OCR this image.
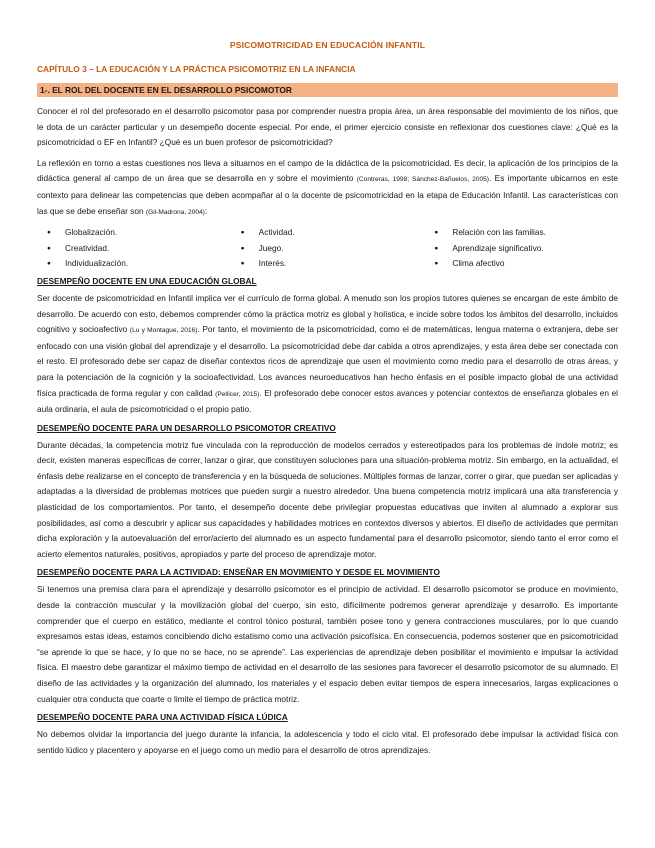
PSICOMOTRICIDAD EN EDUCACIÓN INFANTIL
CAPÍTULO 3 – LA EDUCACIÓN Y LA PRÁCTICA PSICOMOTRIZ EN LA INFANCIA
1-. EL ROL DEL DOCENTE EN EL DESARROLLO PSICOMOTOR

Conocer el rol del profesorado en el desarrollo psicomotor pasa por comprender nuestra propia área, un área responsable del movimiento de los niños, que le dota de un carácter particular y un desempeño docente especial. Por ende, el primer ejercicio consiste en reflexionar dos cuestiones clave: ¿Qué es la psicomotricidad o EF en Infantil? ¿Qué es un buen profesor de psicomotricidad?

La reflexión en torno a estas cuestiones nos lleva a situarnos en el campo de la didáctica de la psicomotricidad. Es decir, la aplicación de los principios de la didáctica general al campo de un área que se desarrolla en y sobre el movimiento (Contreras, 1998; Sánchez-Bañuelos, 2005). Es importante ubicarnos en este contexto para delinear las competencias que deben acompañar al o la docente de psicomotricidad en la etapa de Educación Infantil. Las características con las que se debe enseñar son (Gil-Madrona, 2004):

● Globalización.	● Actividad.	● Relación con las familias.
● Creatividad.	● Juego.	● Aprendizaje significativo.
● Individualización.	● Interés.	● Clima afectivo
DESEMPEÑO DOCENTE EN UNA EDUCACIÓN GLOBAL

Ser docente de psicomotricidad en Infantil implica ver el currículo de forma global. A menudo son los propios tutores quienes se encargan de este ámbito de desarrollo. De acuerdo con esto, debemos comprender cómo la práctica motriz es global y holística, e incide sobre todos los ámbitos del desarrollo, incluidos cognitivo y socioafectivo (Lu y Montague, 2016). Por tanto, el movimiento de la psicomotricidad, como el de matemáticas, lengua materna o extranjera, debe ser enfocado con una visión global del aprendizaje y el desarrollo. La psicomotricidad debe dar cabida a otros aprendizajes, y esta área debe ser conectada con el resto. El profesorado debe ser capaz de diseñar contextos ricos de aprendizaje que usen el movimiento como medio para el desarrollo de otras áreas, y para la potenciación de la cognición y la socioafectividad. Los avances neuroeducativos han hecho énfasis en el posible impacto global de una actividad física practicada de forma regular y con calidad (Pellicer, 2015). El profesorado debe conocer estos avances y potenciar contextos de enseñanza globales en el aula ordinaria, el aula de psicomotricidad o el propio patio.

DESEMPEÑO DOCENTE PARA UN DESARROLLO PSICOMOTOR CREATIVO

Durante décadas, la competencia motriz fue vinculada con la reproducción de modelos cerrados y estereotipados para los problemas de índole motriz; es decir, existen maneras específicas de correr, lanzar o girar, que constituyen soluciones para una situación-problema motriz. Sin embargo, en la actualidad, el énfasis debe realizarse en el concepto de transferencia y en la búsqueda de soluciones. Múltiples formas de lanzar, correr o girar, que puedan ser aplicadas y adaptadas a la diversidad de problemas motrices que pueden surgir a nuestro alrededor. Una buena competencia motriz implicará una alta transferencia y plasticidad de los comportamientos. Por tanto, el desempeño docente debe privilegiar propuestas educativas que inviten al alumnado a explorar sus posibilidades, así como a descubrir y aplicar sus capacidades y habilidades motrices en contextos diversos y abiertos. El diseño de actividades que permitan dicha exploración y la autoevaluación del error/acierto del alumnado es un aspecto fundamental para el desarrollo psicomotor, siendo tanto el error como el acierto elementos naturales, positivos, apropiados y parte del proceso de aprendizaje motor.

DESEMPEÑO DOCENTE PARA LA ACTIVIDAD: ENSEÑAR EN MOVIMIENTO Y DESDE EL MOVIMIENTO

Si tenemos una premisa clara para el aprendizaje y desarrollo psicomotor es el principio de actividad. El desarrollo psicomotor se produce en movimiento, desde la contracción muscular y la movilización global del cuerpo, sin esto, difícilmente podremos generar aprendizaje y desarrollo. Es importante comprender que el cuerpo en estático, mediante el control tónico postural, también posee tono y genera contracciones musculares, por lo que cuando expresamos estas ideas, estamos concibiendo dicho estatismo como una activación psicofísica. En consecuencia, podemos sostener que en psicomotricidad “se aprende lo que se hace, y lo que no se hace, no se aprende”. Las experiencias de aprendizaje deben posibilitar el movimiento e impulsar la actividad física. El maestro debe garantizar el máximo tiempo de actividad en el desarrollo de las sesiones para favorecer el desarrollo psicomotor de su alumnado. El diseño de las actividades y la organización del alumnado, los materiales y el espacio deben evitar tiempos de espera innecesarios, largas explicaciones o cualquier otra conducta que coarte o limite el tiempo de práctica motriz.

DESEMPEÑO DOCENTE PARA UNA ACTIVIDAD FÍSICA LÚDICA

No debemos olvidar la importancia del juego durante la infancia, la adolescencia y todo el ciclo vital. El profesorado debe impulsar la actividad física con sentido lúdico y placentero y apoyarse en el juego como un medio para el desarrollo de otros aprendizajes.
